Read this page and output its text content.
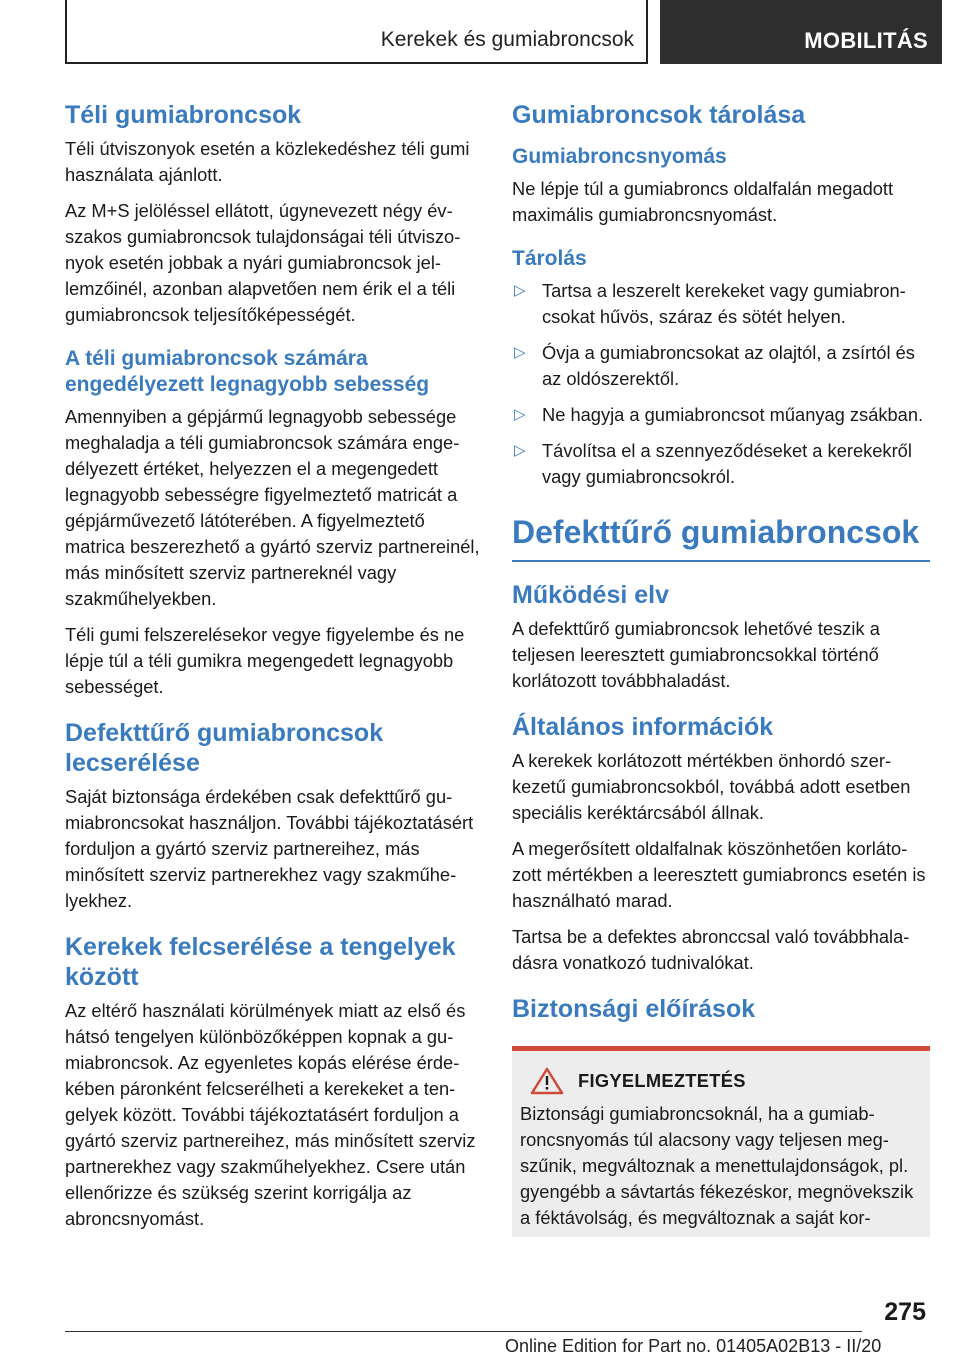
Kerekek és gumiabroncsok	MOBILITÁS
Téli gumiabroncsok

Téli útviszonyok esetén a közlekedéshez téli gumi használata ajánlott.

Az M+S jelöléssel ellátott, úgynevezett négy évszakos gumiabroncsok tulajdonságai téli útviszonyok esetén jobbak a nyári gumiabroncsok jellemzőinél, azonban alapvetően nem érik el a téli gumiabroncsok teljesítőképességét.

A téli gumiabroncsok számára engedélyezett legnagyobb sebesség

Amennyiben a gépjármű legnagyobb sebessége meghaladja a téli gumiabroncsok számára engedélyezett értéket, helyezzen el a megengedett legnagyobb sebességre figyelmeztető matricát a gépjárművezető látóterében. A figyelmeztető matrica beszerezhető a gyártó szerviz partnereinél, más minősített szerviz partnereknél vagy szakműhelyekben.

Téli gumi felszerelésekor vegye figyelembe és ne lépje túl a téli gumikra megengedett legnagyobb sebességet.

Defekttűrő gumiabroncsok lecserélése

Saját biztonsága érdekében csak defekttűrő gumiabroncsokat használjon. További tájékoztatásért forduljon a gyártó szerviz partnereihez, más minősített szerviz partnerekhez vagy szakműhelyekhez.

Kerekek felcserélése a tengelyek között

Az eltérő használati körülmények miatt az első és hátsó tengelyen különbözőképpen kopnak a gumiabroncsok. Az egyenletes kopás elérése érdekében páronként felcserélheti a kerekeket a tengelyek között. További tájékoztatásért forduljon a gyártó szerviz partnereihez, más minősített szerviz partnerekhez vagy szakműhelyekhez. Csere után ellenőrizze és szükség szerint korrigálja az abroncsnyomást.

Gumiabroncsok tárolása
Gumiabroncsnyomás

Ne lépje túl a gumiabroncs oldalfalán megadott maximális gumiabroncsnyomást.

Tárolás
▷ Tartsa a leszerelt kerekeket vagy gumiabroncsokat hűvös, száraz és sötét helyen.
▷ Óvja a gumiabroncsokat az olajtól, a zsírtól és az oldószerektől.
▷ Ne hagyja a gumiabroncsot műanyag zsákban.
▷ Távolítsa el a szennyeződéseket a kerekekről vagy gumiabroncsokról.
Defekttűrő gumiabroncsok
Működési elv

A defekttűrő gumiabroncsok lehetővé teszik a teljesen leeresztett gumiabroncsokkal történő korlátozott továbbhaladást.

Általános információk

A kerekek korlátozott mértékben önhordó szerkezetű gumiabroncsokból, továbbá adott esetben speciális keréktárcsából állnak.

A megerősített oldalfalnak köszönhetően korlátozott mértékben a leeresztett gumiabroncs esetén is használható marad.

Tartsa be a defektes abronccsal való továbbhaladásra vonatkozó tudnivalókat.

Biztonsági előírások
FIGYELMEZTETÉS

Biztonsági gumiabroncsoknál, ha a gumiabroncsnyomás túl alacsony vagy teljesen megszűnik, megváltoznak a menettulajdonságok, pl. gyengébb a sávtartás fékezéskor, megnövekszik a féktávolság, és megváltoznak a saját kor-

275
Online Edition for Part no. 01405A02B13 - II/20
